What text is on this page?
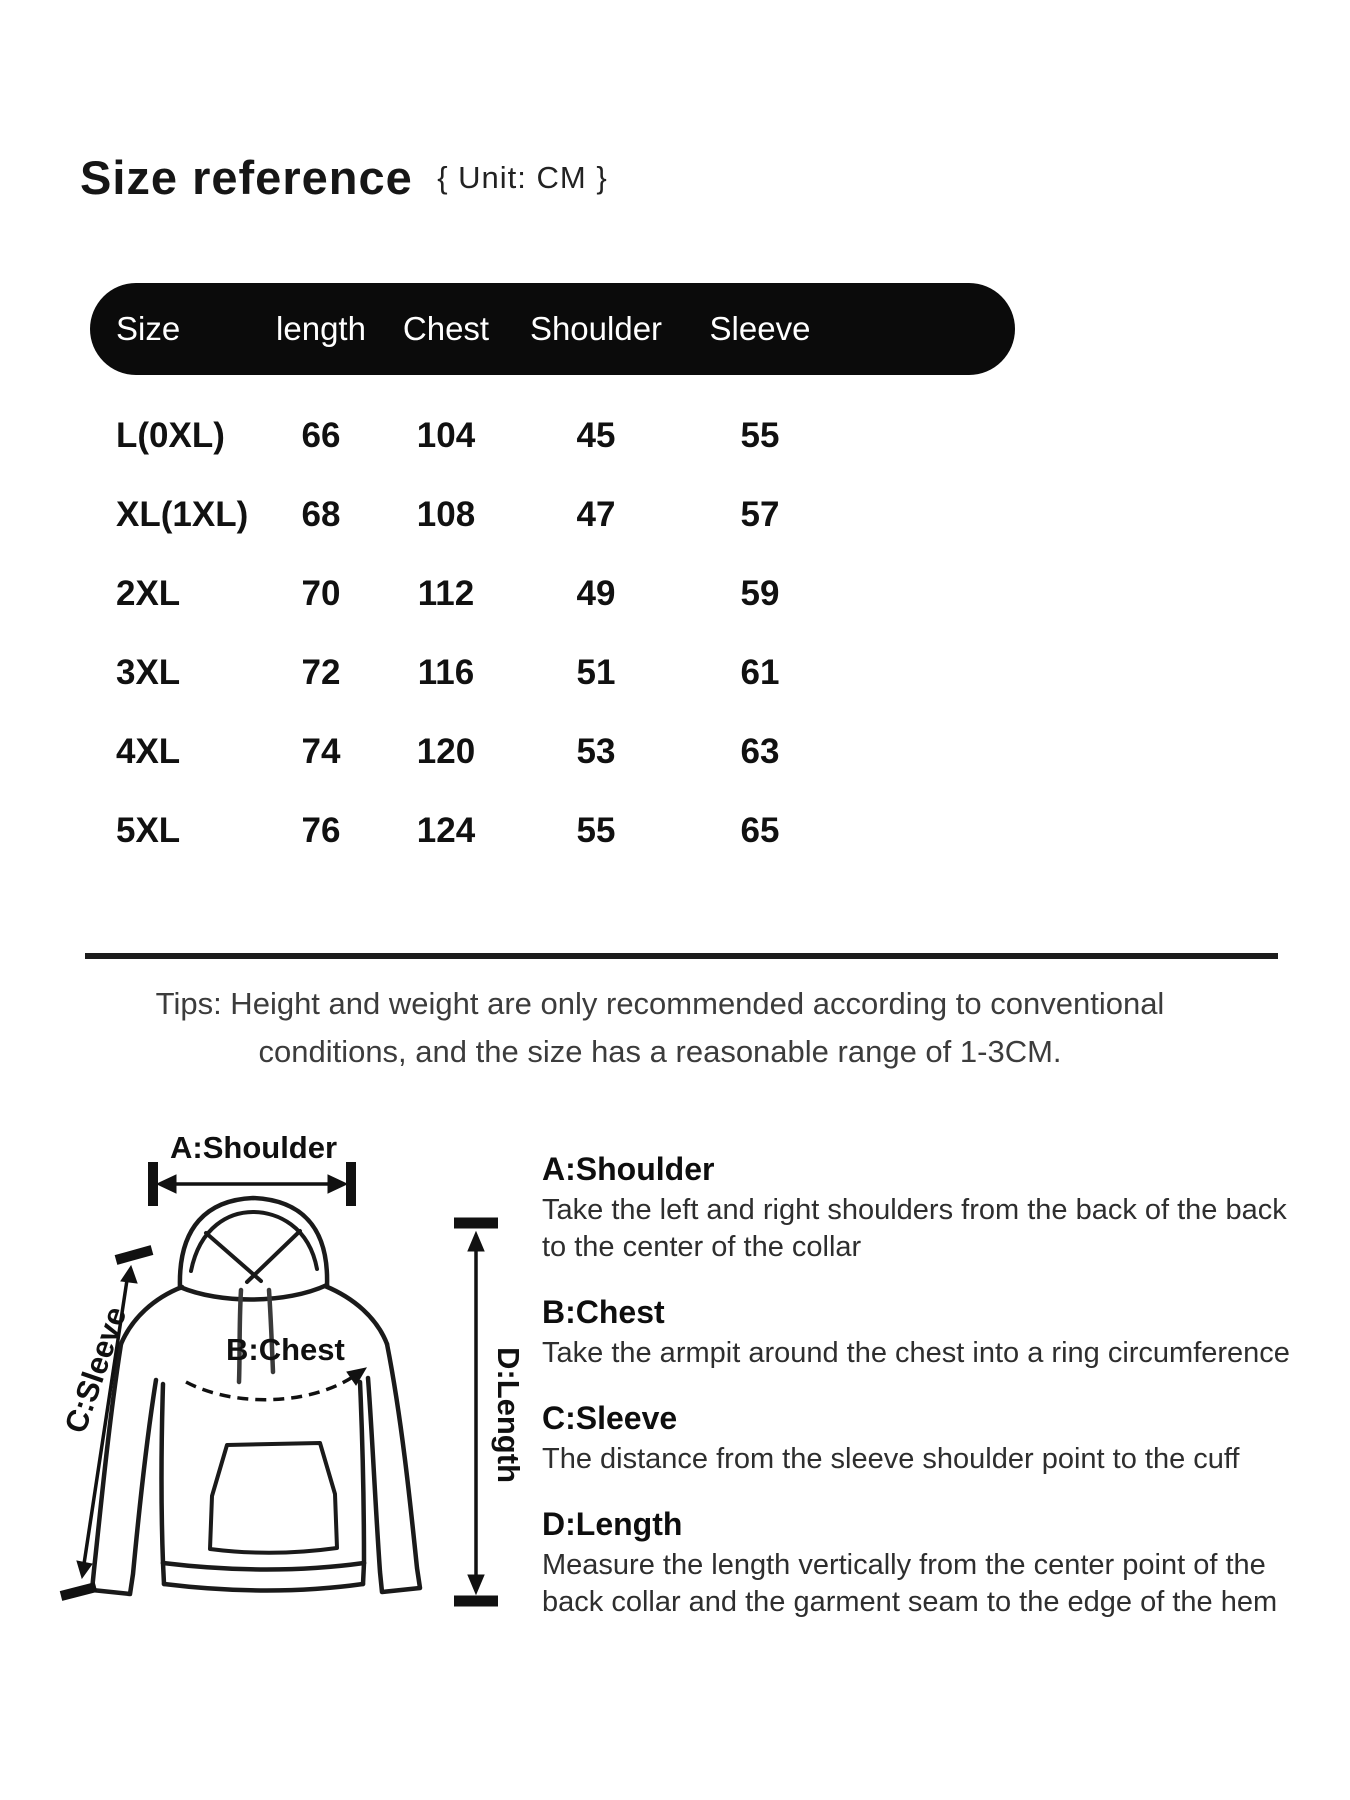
Size reference { Unit: CM }
Size	length	Chest	Shoulder	Sleeve
L(0XL)	66	104	45	55
XL(1XL)	68	108	47	57
2XL	70	112	49	59
3XL	72	116	51	61
4XL	74	120	53	63
5XL	76	124	55	65
Tips: Height and weight are only recommended according to conventional
conditions, and the size has a reasonable range of 1-3CM.
A:Shoulder
B:Chest
C:Sleeve	D:Length

A:Shoulder

Take the left and right shoulders from the back of the back to the center of the collar

B:Chest

Take the armpit around the chest into a ring circumference

C:Sleeve

The distance from the sleeve shoulder point to the cuff

D:Length

Measure the length vertically from the center point of the back collar and the garment seam to the edge of the hem
